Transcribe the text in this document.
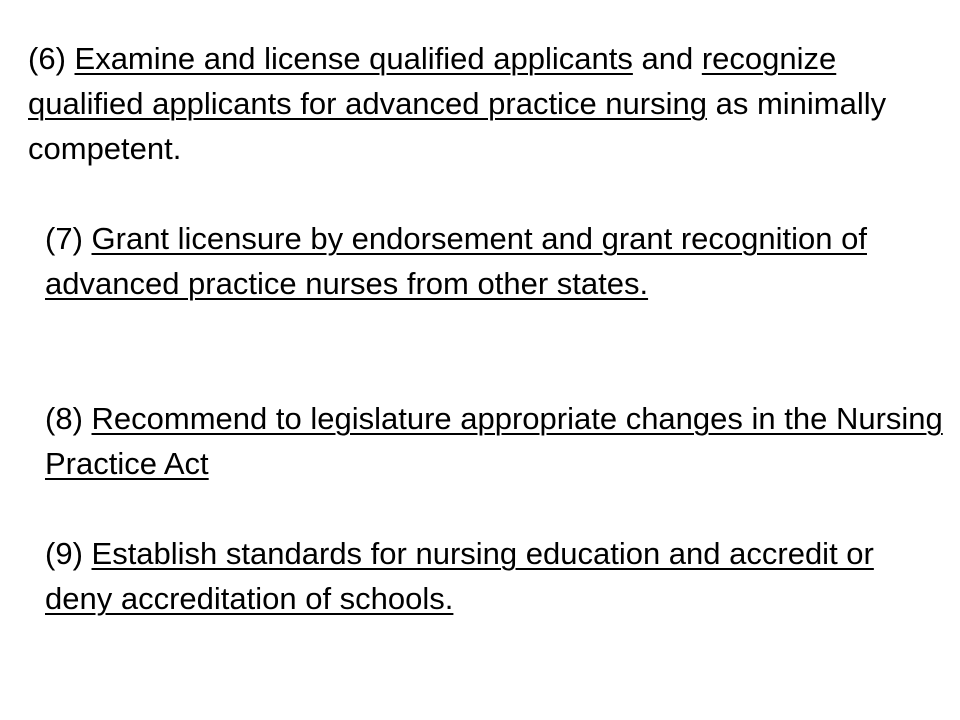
(6) Examine and license qualified applicants and recognize qualified applicants for advanced practice nursing as minimally competent.

(7) Grant licensure by endorsement and grant recognition of advanced practice nurses from other states.

(8) Recommend to legislature appropriate changes in the Nursing Practice Act

(9) Establish standards for nursing education and accredit or deny accreditation of schools.
